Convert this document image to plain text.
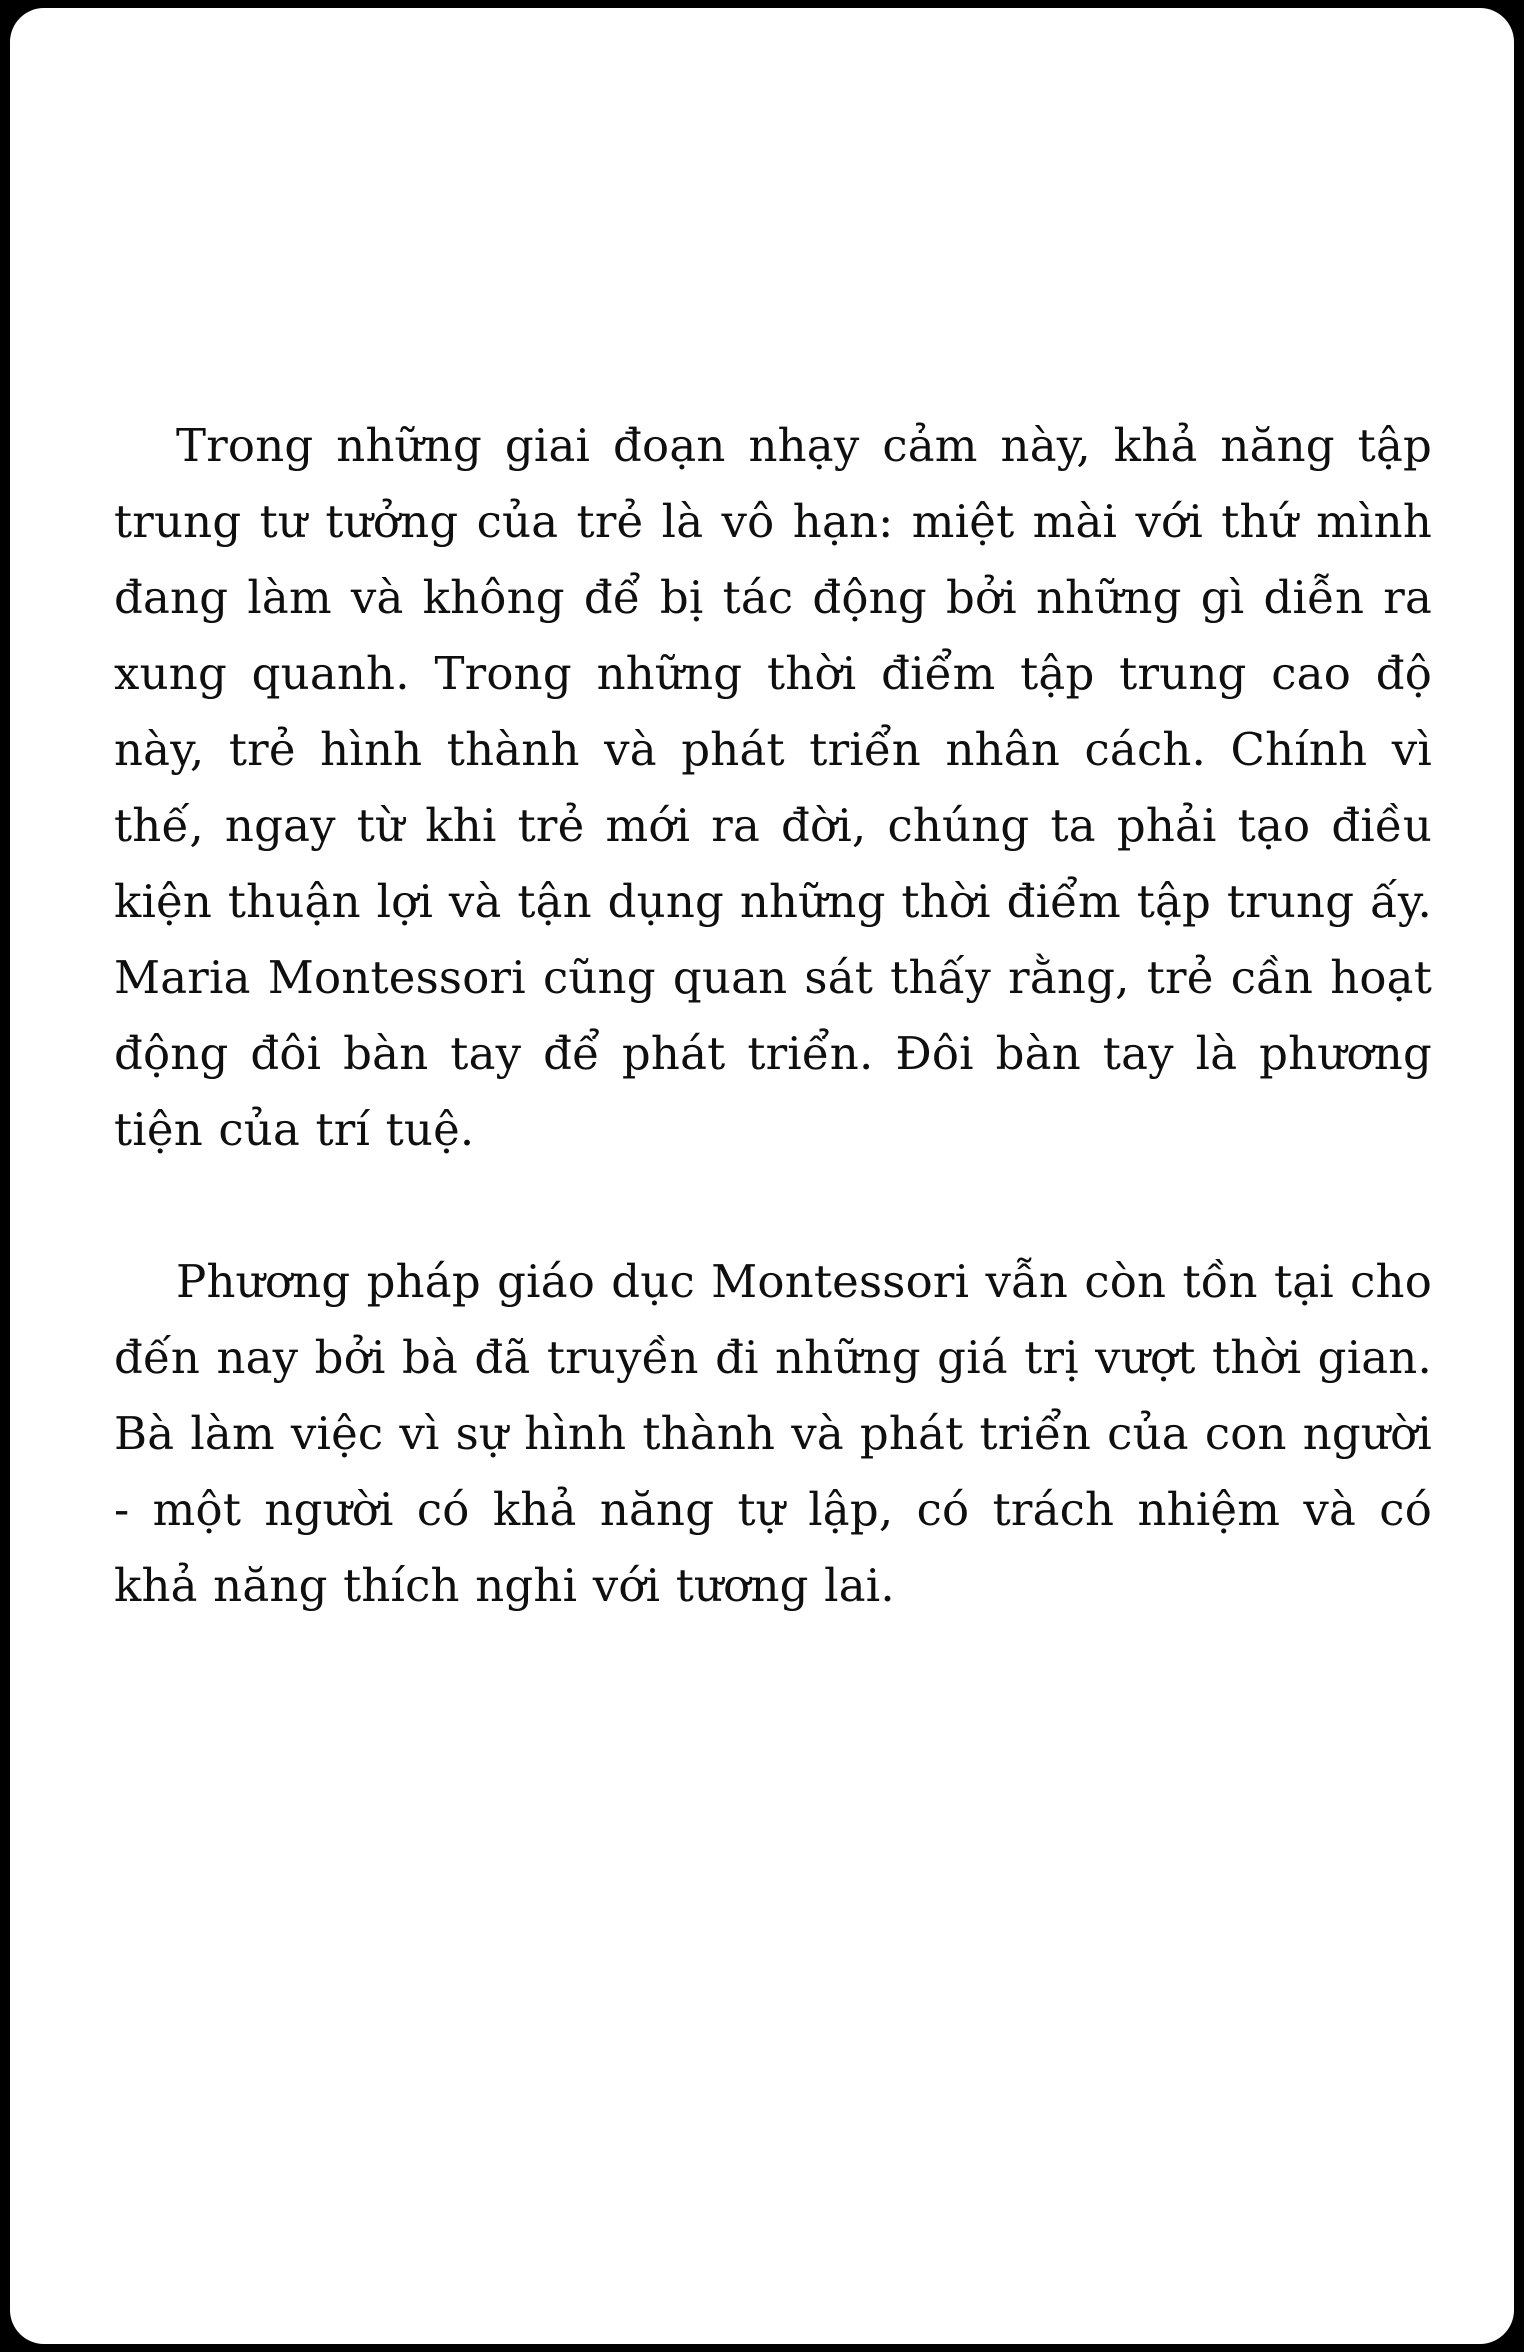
Trong những giai đoạn nhạy cảm này, khả năng tập trung tư tưởng của trẻ là vô hạn: miệt mài với thứ mình đang làm và không để bị tác động bởi những gì diễn ra xung quanh. Trong những thời điểm tập trung cao độ này, trẻ hình thành và phát triển nhân cách. Chính vì thế, ngay từ khi trẻ mới ra đời, chúng ta phải tạo điều kiện thuận lợi và tận dụng những thời điểm tập trung ấy. Maria Montessori cũng quan sát thấy rằng, trẻ cần hoạt động đôi bàn tay để phát triển. Đôi bàn tay là phương tiện của trí tuệ.

Phương pháp giáo dục Montessori vẫn còn tồn tại cho đến nay bởi bà đã truyền đi những giá trị vượt thời gian. Bà làm việc vì sự hình thành và phát triển của con người - một người có khả năng tự lập, có trách nhiệm và có khả năng thích nghi với tương lai.
